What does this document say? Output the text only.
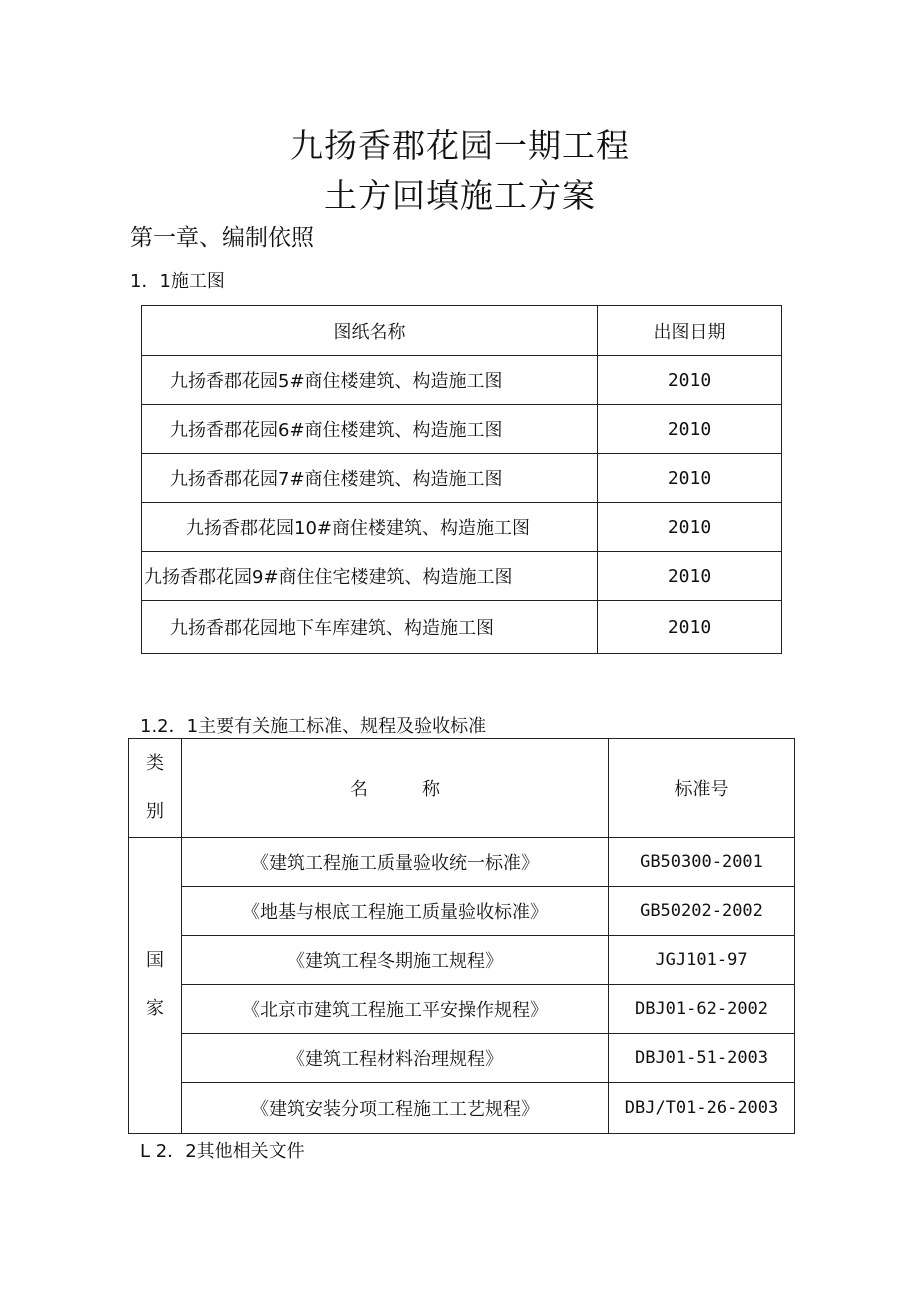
九扬香郡花园一期工程
土方回填施工方案
第一章、编制依照
1．1施工图
图纸名称	出图日期
九扬香郡花园5#商住楼建筑、构造施工图	2010
九扬香郡花园6#商住楼建筑、构造施工图	2010
九扬香郡花园7#商住楼建筑、构造施工图	2010
九扬香郡花园10#商住楼建筑、构造施工图	2010
九扬香郡花园9#商住住宅楼建筑、构造施工图	2010
九扬香郡花园地下车库建筑、构造施工图	2010
1.2．1主要有关施工标准、规程及验收标准
类
别	名　　　称	标准号

国
家	《建筑工程施工质量验收统一标准》	GB50300-2001
	《地基与根底工程施工质量验收标准》	GB50202-2002
	《建筑工程冬期施工规程》	JGJ101-97
	《北京市建筑工程施工平安操作规程》	DBJ01-62-2002
	《建筑工程材料治理规程》	DBJ01-51-2003
	《建筑安装分项工程施工工艺规程》	DBJ/T01-26-2003
L 2．2其他相关文件
